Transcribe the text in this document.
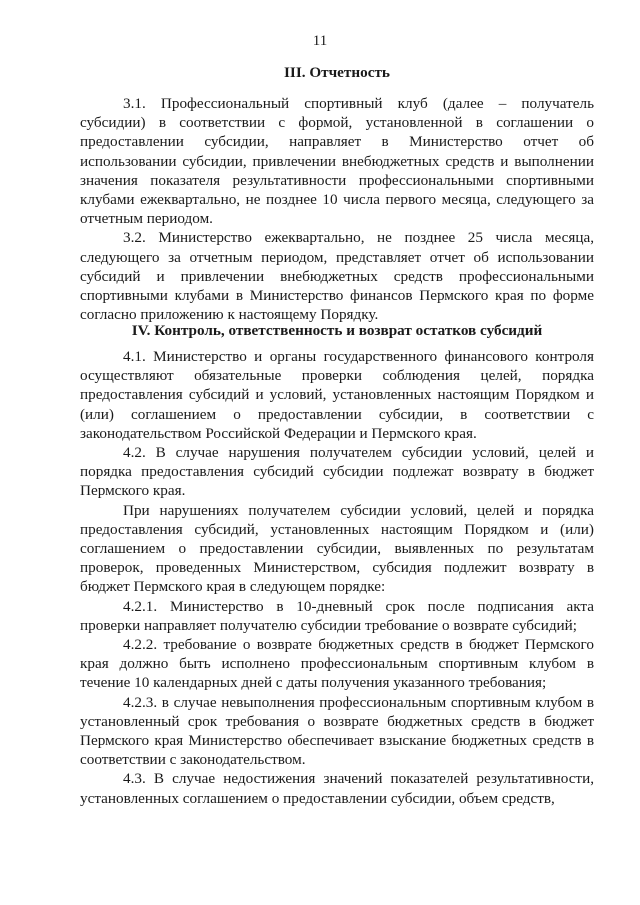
11
III. Отчетность

3.1. Профессиональный спортивный клуб (далее – получатель субсидии) в соответствии с формой, установленной в соглашении о предоставлении субсидии, направляет в Министерство отчет об использовании субсидии, привлечении внебюджетных средств и выполнении значения показателя результативности профессиональными спортивными клубами ежеквартально, не позднее 10 числа первого месяца, следующего за отчетным периодом.

3.2. Министерство ежеквартально, не позднее 25 числа месяца, следующего за отчетным периодом, представляет отчет об использовании субсидий и привлечении внебюджетных средств профессиональными спортивными клубами в Министерство финансов Пермского края по форме согласно приложению к настоящему Порядку.

IV. Контроль, ответственность и возврат остатков субсидий

4.1. Министерство и органы государственного финансового контроля осуществляют обязательные проверки соблюдения целей, порядка предоставления субсидий и условий, установленных настоящим Порядком и (или) соглашением о предоставлении субсидии, в соответствии с законодательством Российской Федерации и Пермского края.

4.2. В случае нарушения получателем субсидии условий, целей и порядка предоставления субсидий субсидии подлежат возврату в бюджет Пермского края.

При нарушениях получателем субсидии условий, целей и порядка предоставления субсидий, установленных настоящим Порядком и (или) соглашением о предоставлении субсидии, выявленных по результатам проверок, проведенных Министерством, субсидия подлежит возврату в бюджет Пермского края в следующем порядке:

4.2.1. Министерство в 10-дневный срок после подписания акта проверки направляет получателю субсидии требование о возврате субсидий;

4.2.2. требование о возврате бюджетных средств в бюджет Пермского края должно быть исполнено профессиональным спортивным клубом в течение 10 календарных дней с даты получения указанного требования;

4.2.3. в случае невыполнения профессиональным спортивным клубом в установленный срок требования о возврате бюджетных средств в бюджет Пермского края Министерство обеспечивает взыскание бюджетных средств в соответствии с законодательством.

4.3. В случае недостижения значений показателей результативности, установленных соглашением о предоставлении субсидии, объем средств,
